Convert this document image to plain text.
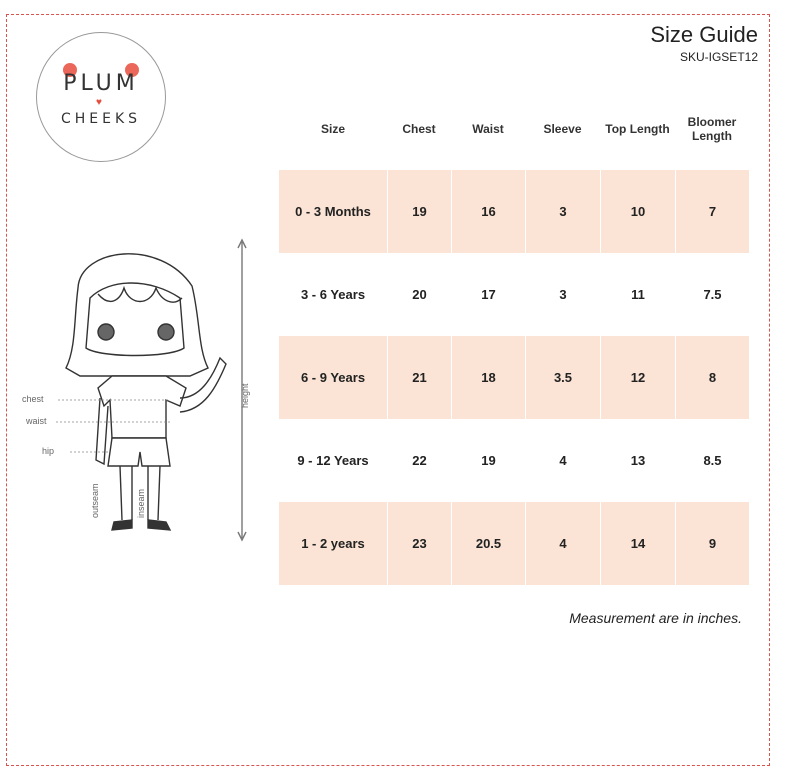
Size Guide
SKU-IGSET12
PLUM
♥
CHEEKS
chest
waist
hip
height
outseam	inseam
Size	Chest	Waist	Sleeve	Top Length	Bloomer Length

0 - 3 Months	19	16	3	10	7
3 - 6 Years	20	17	3	11	7.5
6 - 9 Years	21	18	3.5	12	8
9 - 12 Years	22	19	4	13	8.5
1 - 2 years	23	20.5	4	14	9
Measurement are in inches.
